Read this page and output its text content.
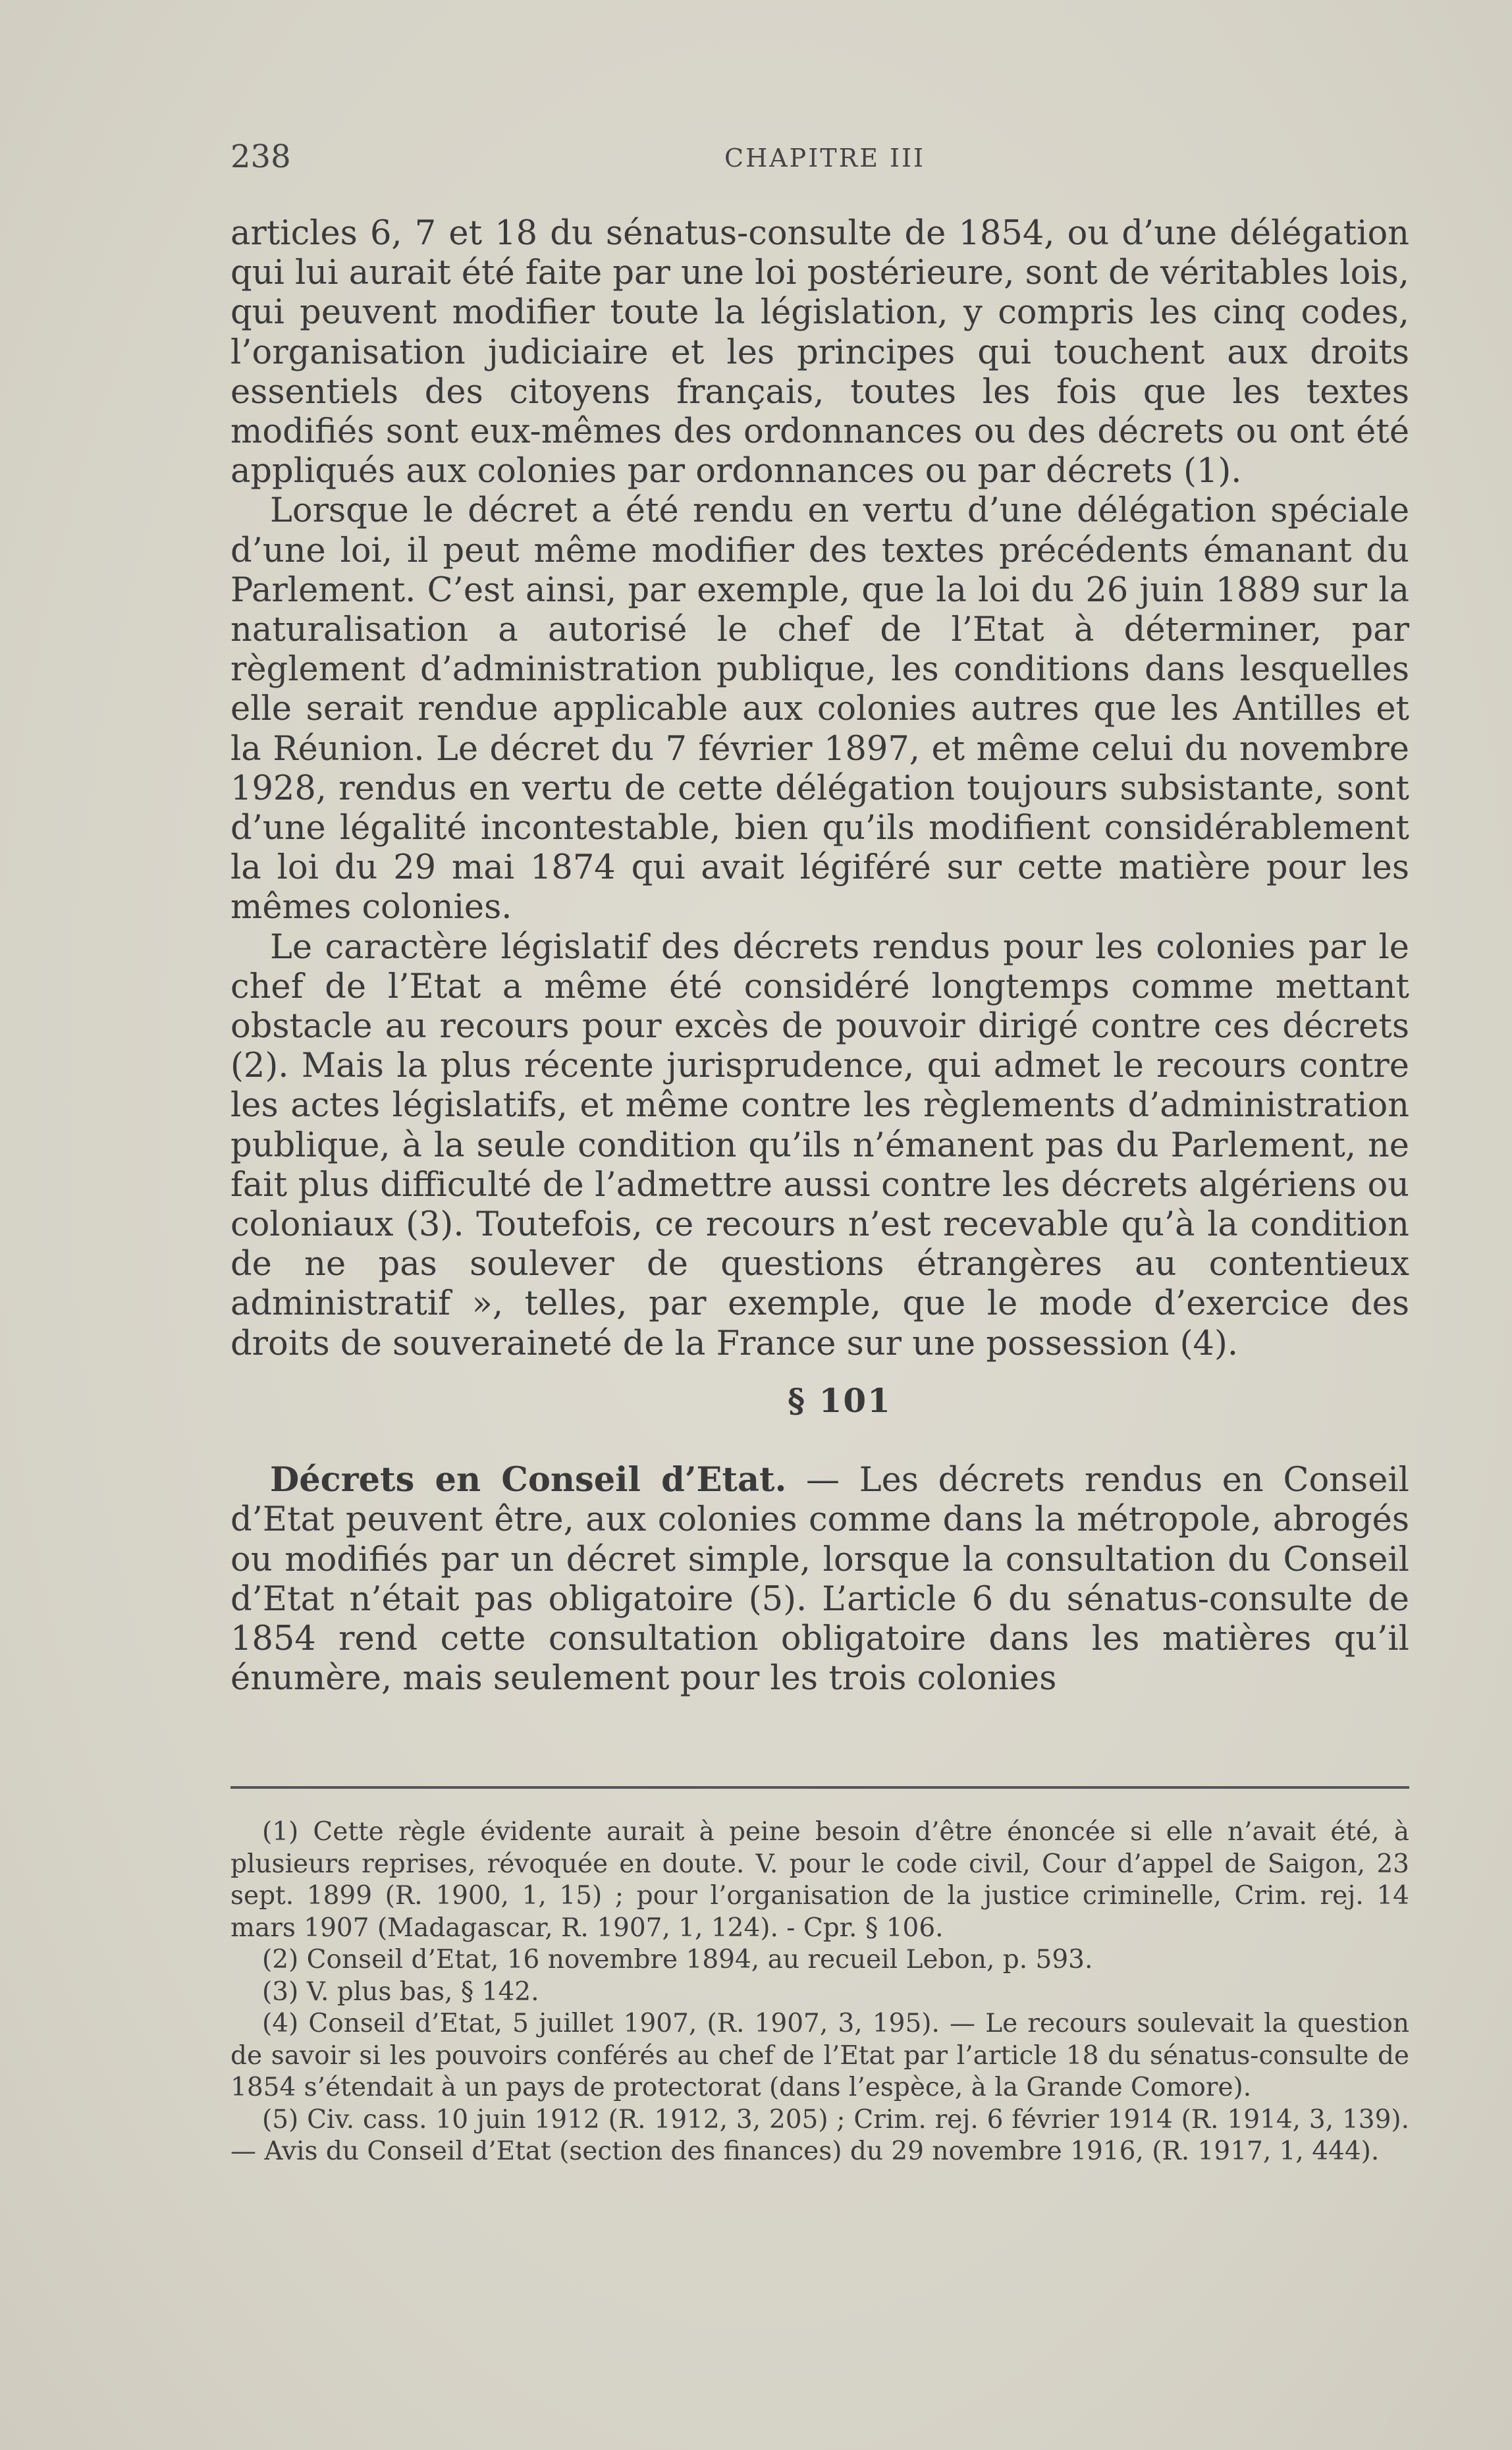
238	CHAPITRE III

articles 6, 7 et 18 du sénatus-consulte de 1854, ou d’une délégation qui lui aurait été faite par une loi postérieure, sont de véritables lois, qui peuvent modifier toute la législation, y compris les cinq codes, l’organisation judiciaire et les principes qui touchent aux droits essentiels des citoyens français, toutes les fois que les textes modifiés sont eux-mêmes des ordonnances ou des décrets ou ont été appliqués aux colonies par ordonnances ou par décrets (1).

Lorsque le décret a été rendu en vertu d’une délégation spéciale d’une loi, il peut même modifier des textes précédents émanant du Parlement. C’est ainsi, par exemple, que la loi du 26 juin 1889 sur la naturalisation a autorisé le chef de l’Etat à déterminer, par règlement d’administration publique, les conditions dans lesquelles elle serait rendue applicable aux colonies autres que les Antilles et la Réunion. Le décret du 7 février 1897, et même celui du novembre 1928, rendus en vertu de cette délégation toujours subsistante, sont d’une légalité incontestable, bien qu’ils modifient considérablement la loi du 29 mai 1874 qui avait légiféré sur cette matière pour les mêmes colonies.

Le caractère législatif des décrets rendus pour les colonies par le chef de l’Etat a même été considéré longtemps comme mettant obstacle au recours pour excès de pouvoir dirigé contre ces décrets (2). Mais la plus récente jurisprudence, qui admet le recours contre les actes législatifs, et même contre les règlements d’administration publique, à la seule condition qu’ils n’émanent pas du Parlement, ne fait plus difficulté de l’admettre aussi contre les décrets algériens ou coloniaux (3). Toutefois, ce recours n’est recevable qu’à la condition de ne pas soulever de questions étrangères au contentieux administratif », telles, par exemple, que le mode d’exercice des droits de souveraineté de la France sur une possession (4).

§ 101

Décrets en Conseil d’Etat. — Les décrets rendus en Conseil d’Etat peuvent être, aux colonies comme dans la métropole, abrogés ou modifiés par un décret simple, lorsque la consultation du Conseil d’Etat n’était pas obligatoire (5). L’article 6 du sénatus-consulte de 1854 rend cette consultation obligatoire dans les matières qu’il énumère, mais seulement pour les trois colonies

(1) Cette règle évidente aurait à peine besoin d’être énoncée si elle n’avait été, à plusieurs reprises, révoquée en doute. V. pour le code civil, Cour d’appel de Saigon, 23 sept. 1899 (R. 1900, 1, 15) ; pour l’organisation de la justice criminelle, Crim. rej. 14 mars 1907 (Madagascar, R. 1907, 1, 124). - Cpr. § 106.

(2) Conseil d’Etat, 16 novembre 1894, au recueil Lebon, p. 593.

(3) V. plus bas, § 142.

(4) Conseil d’Etat, 5 juillet 1907, (R. 1907, 3, 195). — Le recours soulevait la question de savoir si les pouvoirs conférés au chef de l’Etat par l’article 18 du sénatus-consulte de 1854 s’étendait à un pays de protectorat (dans l’espèce, à la Grande Comore).

(5) Civ. cass. 10 juin 1912 (R. 1912, 3, 205) ; Crim. rej. 6 février 1914 (R. 1914, 3, 139). — Avis du Conseil d’Etat (section des finances) du 29 novembre 1916, (R. 1917, 1, 444).
